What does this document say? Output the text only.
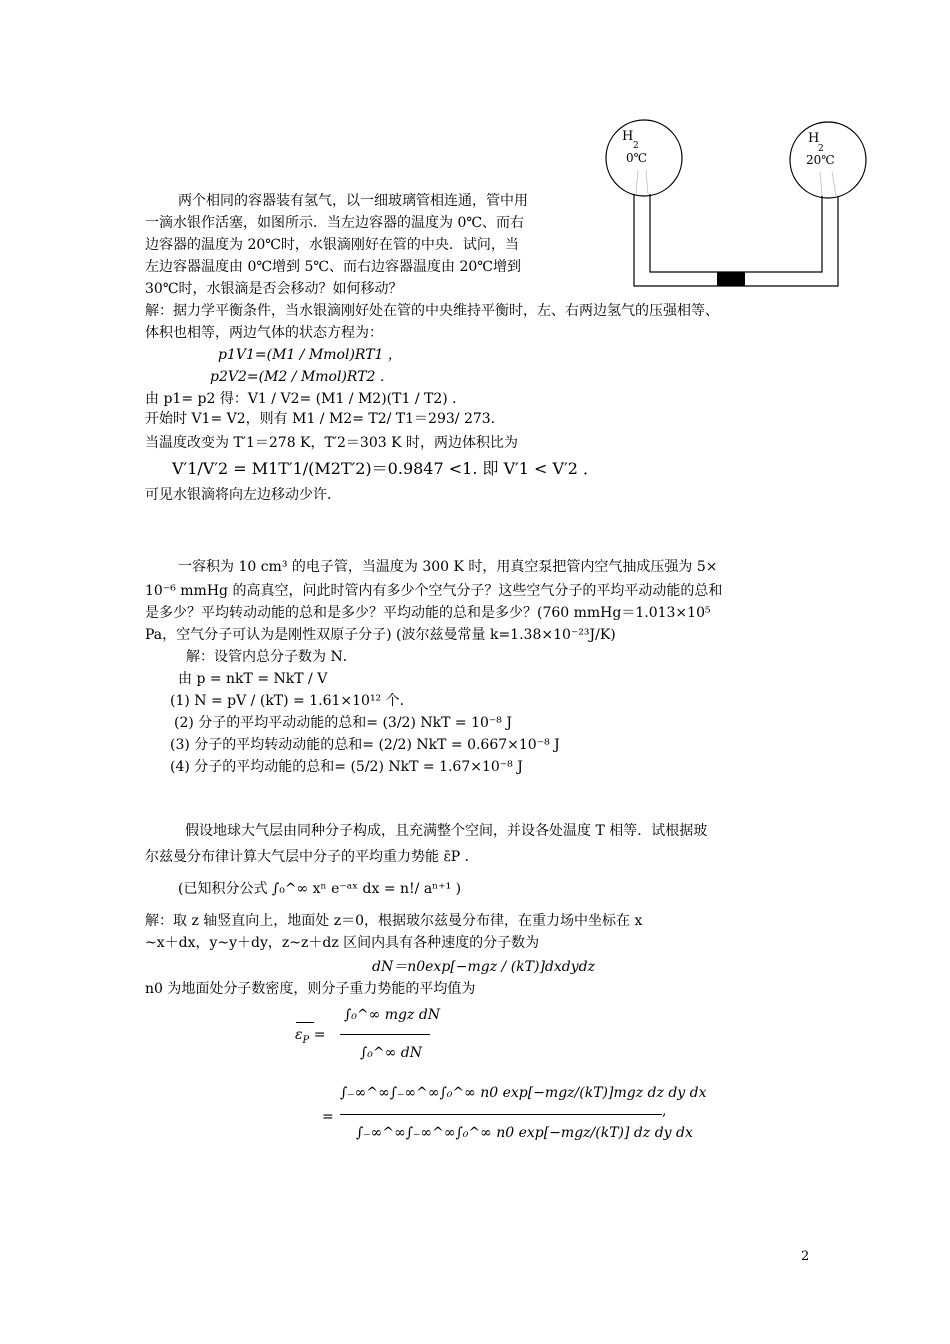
H
2
0℃
H
2
20℃
两个相同的容器装有氢气，以一细玻璃管相连通，管中用
一滴水银作活塞，如图所示．当左边容器的温度为 0℃、而右
边容器的温度为 20℃时，水银滴刚好在管的中央．试问，当
左边容器温度由 0℃增到 5℃、而右边容器温度由 20℃增到
30℃时，水银滴是否会移动？如何移动？
解：据力学平衡条件，当水银滴刚好处在管的中央维持平衡时，左、右两边氢气的压强相等、
体积也相等，两边气体的状态方程为：
p1V1=(M1 / Mmol)RT1 ，
p2V2=(M2 / Mmol)RT2 ．
由 p1= p2 得：V1 / V2= (M1 / M2)(T1 / T2) ．
开始时 V1= V2，则有 M1 / M2= T2/ T1＝293/ 273．
当温度改变为 T′1＝278 K，T′2＝303 K 时，两边体积比为
V′1/V′2 = M1T′1/(M2T′2)＝0.9847 <1. 即 V′1 < V′2 ．
可见水银滴将向左边移动少许.
一容积为 10 cm³ 的电子管，当温度为 300 K 时，用真空泵把管内空气抽成压强为 5×
10⁻⁶ mmHg 的高真空，问此时管内有多少个空气分子？这些空气分子的平均平动动能的总和
是多少？平均转动动能的总和是多少？平均动能的总和是多少？(760 mmHg＝1.013×10⁵
Pa，空气分子可认为是刚性双原子分子) (波尔兹曼常量 k=1.38×10⁻²³J/K)
解：设管内总分子数为 N．
由 p = nkT = NkT / V
(1) N = pV / (kT) = 1.61×10¹² 个．
(2) 分子的平均平动动能的总和= (3/2) NkT = 10⁻⁸ J
(3) 分子的平均转动动能的总和= (2/2) NkT = 0.667×10⁻⁸ J
(4) 分子的平均动能的总和= (5/2) NkT = 1.67×10⁻⁸ J
假设地球大气层由同种分子构成，且充满整个空间，并设各处温度 T 相等．试根据玻
尔兹曼分布律计算大气层中分子的平均重力势能 ε̄P ．
(已知积分公式 ∫₀^∞ xⁿ e⁻ᵃˣ dx = n!/ aⁿ⁺¹ )
解：取 z 轴竖直向上，地面处 z＝0，根据玻尔兹曼分布律，在重力场中坐标在 x
~x＋dx，y~y＋dy，z~z＋dz 区间内具有各种速度的分子数为
dN＝n0exp[−mgz / (kT)]dxdydz
n0 为地面处分子数密度，则分子重力势能的平均值为
$\varepsilon_P$ =
∫₀^∞ mgz dN
∫₀^∞ dN
=
∫₋∞^∞∫₋∞^∞∫₀^∞ n0 exp[−mgz/(kT)]mgz dz dy dx
∫₋∞^∞∫₋∞^∞∫₀^∞ n0 exp[−mgz/(kT)] dz dy dx
,
2
